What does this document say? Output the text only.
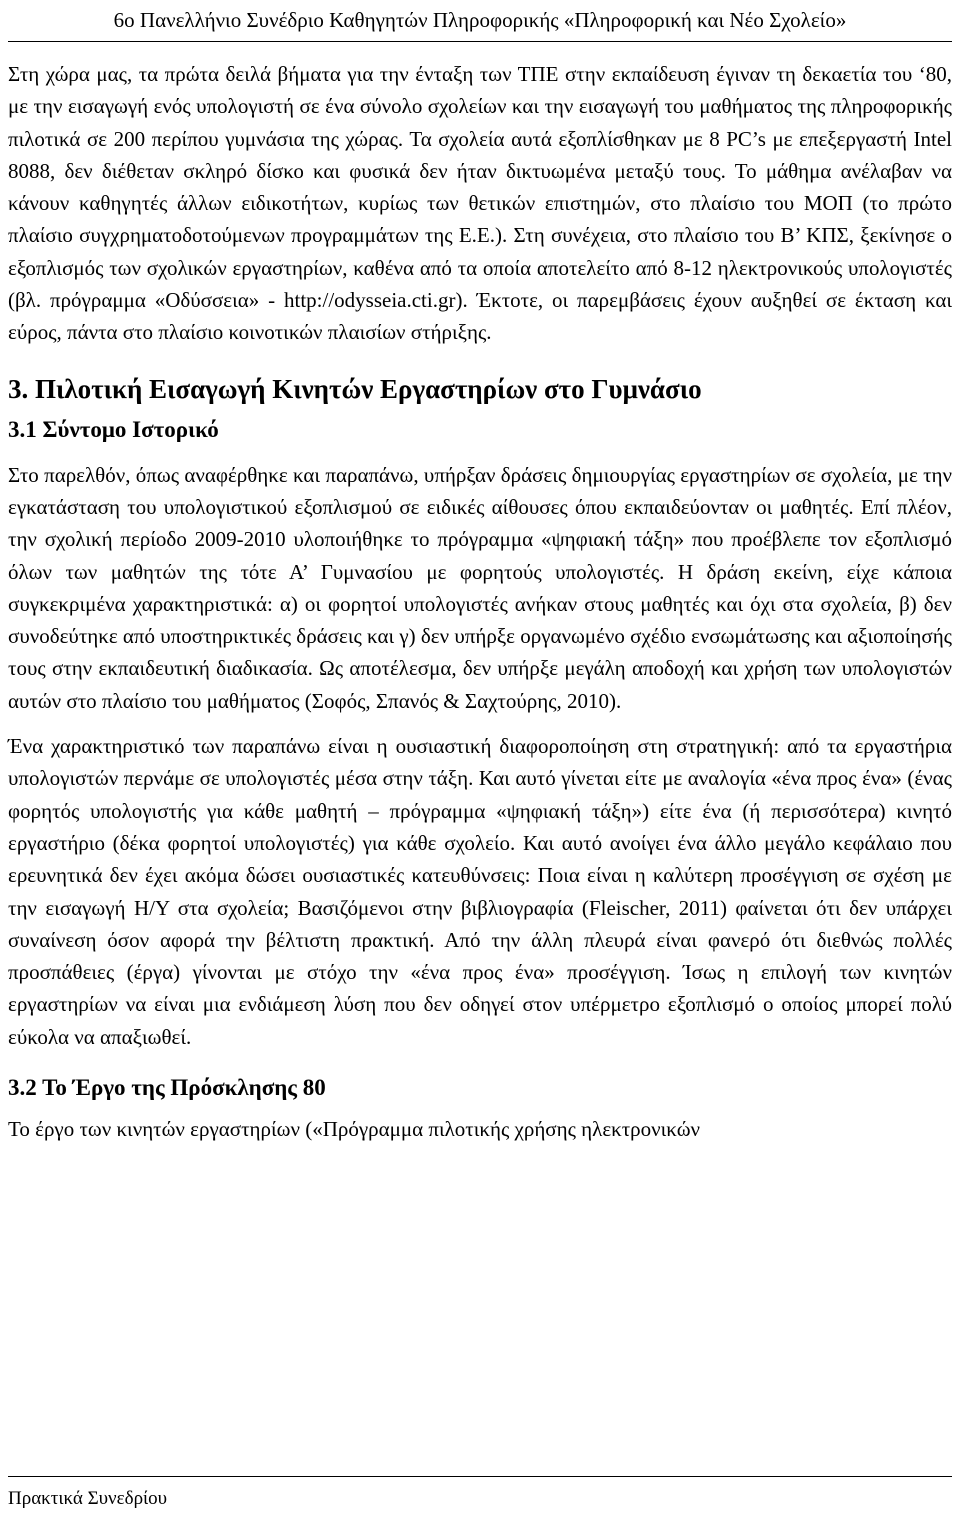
6ο Πανελλήνιο Συνέδριο Καθηγητών Πληροφορικής «Πληροφορική και Νέο Σχολείο»

Στη χώρα μας, τα πρώτα δειλά βήματα για την ένταξη των ΤΠΕ στην εκπαίδευση έγιναν τη δεκαετία του ‘80, με την εισαγωγή ενός υπολογιστή σε ένα σύνολο σχολείων και την εισαγωγή του μαθήματος της πληροφορικής πιλοτικά σε 200 περίπου γυμνάσια της χώρας. Τα σχολεία αυτά εξοπλίσθηκαν με 8 PC’s με επεξεργαστή Intel 8088, δεν διέθεταν σκληρό δίσκο και φυσικά δεν ήταν δικτυωμένα μεταξύ τους. Το μάθημα ανέλαβαν να κάνουν καθηγητές άλλων ειδικοτήτων, κυρίως των θετικών επιστημών, στο πλαίσιο του ΜΟΠ (το πρώτο πλαίσιο συγχρηματοδοτούμενων προγραμμάτων της Ε.Ε.). Στη συνέχεια, στο πλαίσιο του Β’ ΚΠΣ, ξεκίνησε ο εξοπλισμός των σχολικών εργαστηρίων, καθένα από τα οποία αποτελείτο από 8-12 ηλεκτρονικούς υπολογιστές (βλ. πρόγραμμα «Οδύσσεια» - http://odysseia.cti.gr). Έκτοτε, οι παρεμβάσεις έχουν αυξηθεί σε έκταση και εύρος, πάντα στο πλαίσιο κοινοτικών πλαισίων στήριξης.

3. Πιλοτική Εισαγωγή Κινητών Εργαστηρίων στο Γυμνάσιο
3.1 Σύντομο Ιστορικό

Στο παρελθόν, όπως αναφέρθηκε και παραπάνω, υπήρξαν δράσεις δημιουργίας εργαστηρίων σε σχολεία, με την εγκατάσταση του υπολογιστικού εξοπλισμού σε ειδικές αίθουσες όπου εκπαιδεύονταν οι μαθητές. Επί πλέον, την σχολική περίοδο 2009-2010 υλοποιήθηκε το πρόγραμμα «ψηφιακή τάξη» που προέβλεπε τον εξοπλισμό όλων των μαθητών της τότε Α’ Γυμνασίου με φορητούς υπολογιστές. Η δράση εκείνη, είχε κάποια συγκεκριμένα χαρακτηριστικά: α) οι φορητοί υπολογιστές ανήκαν στους μαθητές και όχι στα σχολεία, β) δεν συνοδεύτηκε από υποστηρικτικές δράσεις και γ) δεν υπήρξε οργανωμένο σχέδιο ενσωμάτωσης και αξιοποίησής τους στην εκπαιδευτική διαδικασία. Ως αποτέλεσμα, δεν υπήρξε μεγάλη αποδοχή και χρήση των υπολογιστών αυτών στο πλαίσιο του μαθήματος (Σοφός, Σπανός & Σαχτούρης, 2010).

Ένα χαρακτηριστικό των παραπάνω είναι η ουσιαστική διαφοροποίηση στη στρατηγική: από τα εργαστήρια υπολογιστών περνάμε σε υπολογιστές μέσα στην τάξη. Και αυτό γίνεται είτε με αναλογία «ένα προς ένα» (ένας φορητός υπολογιστής για κάθε μαθητή – πρόγραμμα «ψηφιακή τάξη») είτε ένα (ή περισσότερα) κινητό εργαστήριο (δέκα φορητοί υπολογιστές) για κάθε σχολείο. Και αυτό ανοίγει ένα άλλο μεγάλο κεφάλαιο που ερευνητικά δεν έχει ακόμα δώσει ουσιαστικές κατευθύνσεις: Ποια είναι η καλύτερη προσέγγιση σε σχέση με την εισαγωγή Η/Υ στα σχολεία; Βασιζόμενοι στην βιβλιογραφία (Fleischer, 2011) φαίνεται ότι δεν υπάρχει συναίνεση όσον αφορά την βέλτιστη πρακτική. Από την άλλη πλευρά είναι φανερό ότι διεθνώς πολλές προσπάθειες (έργα) γίνονται με στόχο την «ένα προς ένα» προσέγγιση. Ίσως η επιλογή των κινητών εργαστηρίων να είναι μια ενδιάμεση λύση που δεν οδηγεί στον υπέρμετρο εξοπλισμό ο οποίος μπορεί πολύ εύκολα να απαξιωθεί.

3.2 Το Έργο της Πρόσκλησης 80

Το έργο των κινητών εργαστηρίων («Πρόγραμμα πιλοτικής χρήσης ηλεκτρονικών

Πρακτικά Συνεδρίου
